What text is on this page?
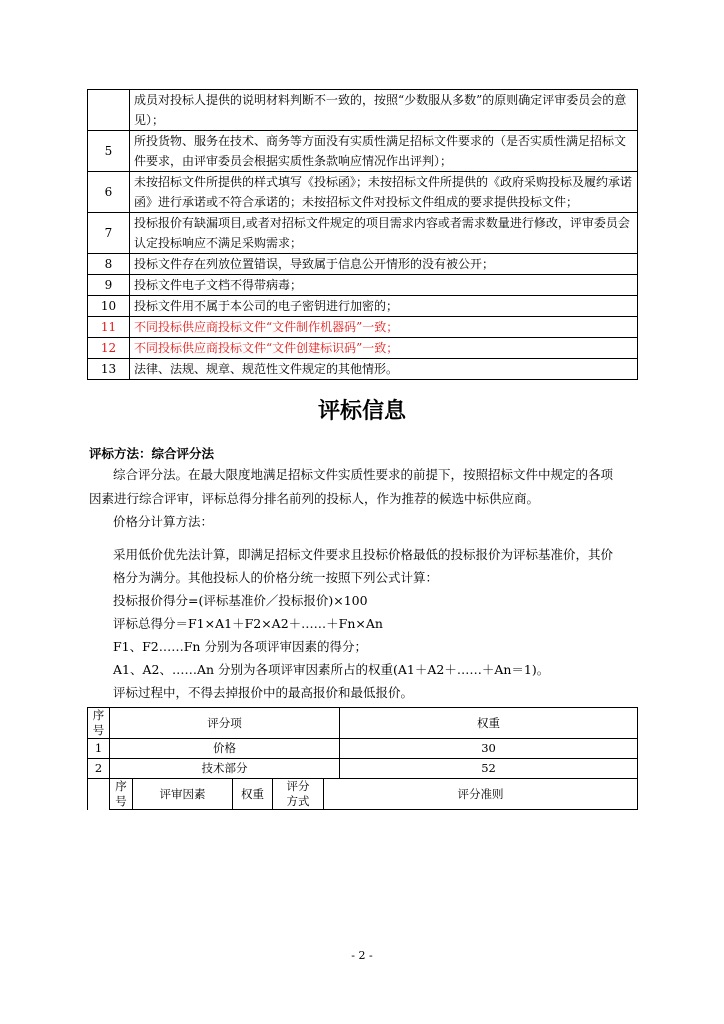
	成员对投标人提供的说明材料判断不一致的，按照“少数服从多数”的原则确定评审委员会的意见）；
5	所投货物、服务在技术、商务等方面没有实质性满足招标文件要求的（是否实质性满足招标文件要求，由评审委员会根据实质性条款响应情况作出评判）；
6	未按招标文件所提供的样式填写《投标函》；未按招标文件所提供的《政府采购投标及履约承诺函》进行承诺或不符合承诺的；未按招标文件对投标文件组成的要求提供投标文件；
7	投标报价有缺漏项目,或者对招标文件规定的项目需求内容或者需求数量进行修改，评审委员会认定投标响应不满足采购需求；
8	投标文件存在列放位置错误，导致属于信息公开情形的没有被公开；
9	投标文件电子文档不得带病毒；
10	投标文件用不属于本公司的电子密钥进行加密的；
11	不同投标供应商投标文件“文件制作机器码”一致；
12	不同投标供应商投标文件“文件创建标识码”一致；
13	法律、法规、规章、规范性文件规定的其他情形。
评标信息
评标方法：综合评分法
综合评分法。在最大限度地满足招标文件实质性要求的前提下，按照招标文件中规定的各项
因素进行综合评审，评标总得分排名前列的投标人，作为推荐的候选中标供应商。
价格分计算方法：
采用低价优先法计算，即满足招标文件要求且投标价格最低的投标报价为评标基准价，其价
格分为满分。其他投标人的价格分统一按照下列公式计算：
投标报价得分=(评标基准价／投标报价)×100
评标总得分＝F1×A1＋F2×A2＋……＋Fn×An
F1、F2……Fn 分别为各项评审因素的得分；
A1、A2、……An 分别为各项评审因素所占的权重(A1＋A2＋……＋An＝1)。
评标过程中，不得去掉报价中的最高报价和最低报价。
序号	评分项					权重
1	价格					30
2	技术部分					52
	序号	评审因素	权重	评分方式	评分准则	
- 2 -
